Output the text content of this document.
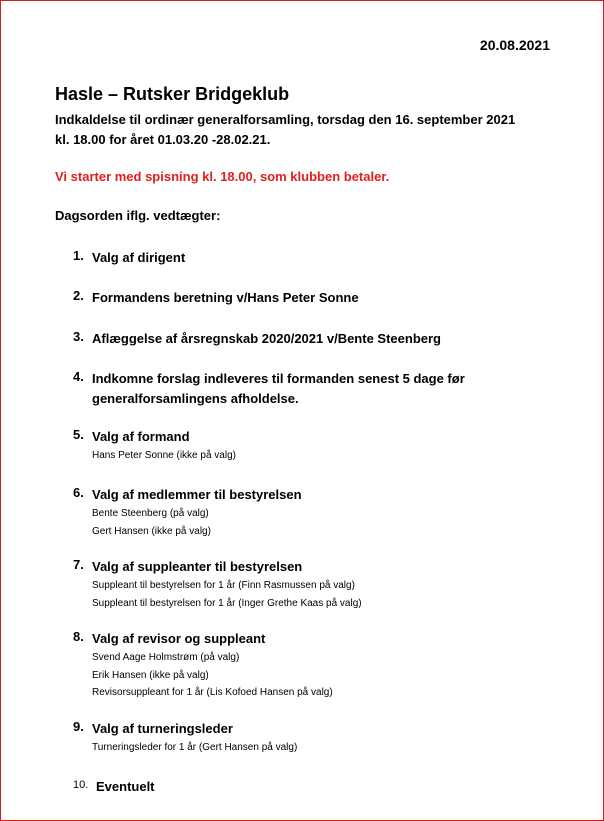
20.08.2021
Hasle – Rutsker Bridgeklub
Indkaldelse til ordinær generalforsamling, torsdag den 16. september 2021
kl. 18.00 for året 01.03.20 -28.02.21.
Vi starter med spisning kl. 18.00, som klubben betaler.
Dagsorden iflg. vedtægter:
1. Valg af dirigent
2. Formandens beretning v/Hans Peter Sonne
3. Aflæggelse af årsregnskab 2020/2021 v/Bente Steenberg
4. Indkomne forslag indleveres til formanden senest 5 dage før
generalforsamlingens afholdelse.
5. Valg af formand
Hans Peter Sonne (ikke på valg)
6. Valg af medlemmer til bestyrelsen
Bente Steenberg (på valg)
Gert Hansen (ikke på valg)
7. Valg af suppleanter til bestyrelsen
Suppleant til bestyrelsen for 1 år (Finn Rasmussen på valg)
Suppleant til bestyrelsen for 1 år (Inger Grethe Kaas på valg)
8. Valg af revisor og suppleant
Svend Aage Holmstrøm (på valg)
Erik Hansen (ikke på valg)
Revisorsuppleant for 1 år (Lis Kofoed Hansen på valg)
9. Valg af turneringsleder
Turneringsleder for 1 år (Gert Hansen på valg)
10. Eventuelt
